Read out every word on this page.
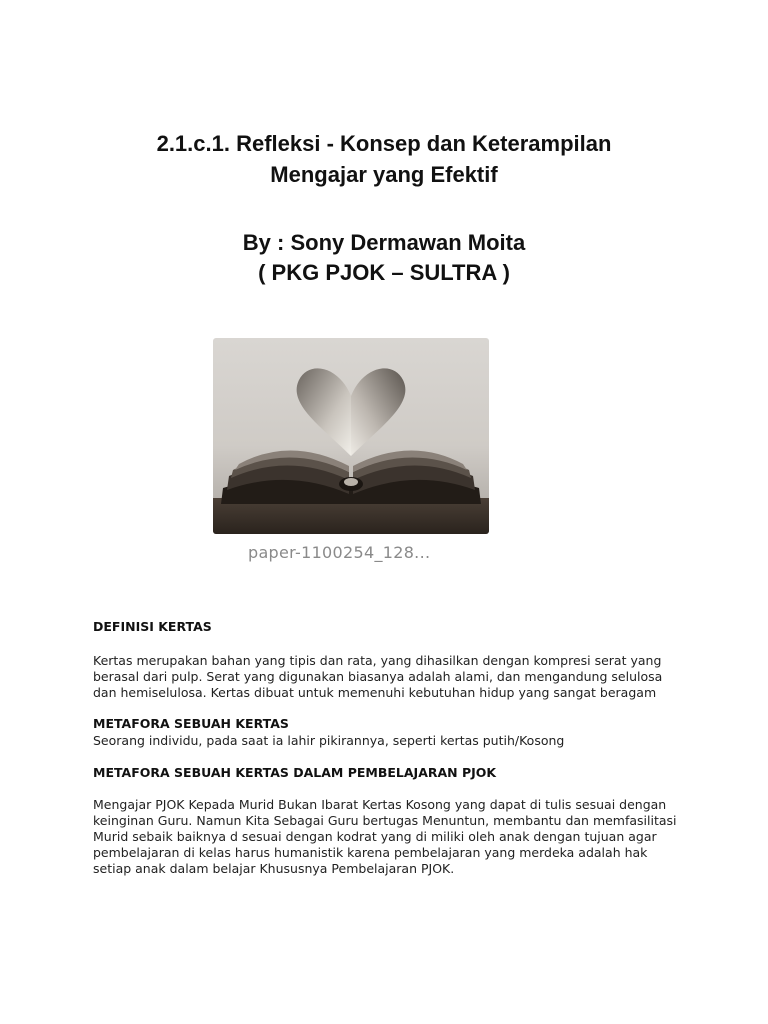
2.1.c.1. Refleksi - Konsep dan Keterampilan
Mengajar yang Efektif
By : Sony Dermawan Moita
( PKG PJOK – SULTRA )
paper-1100254_128...
DEFINISI KERTAS
Kertas merupakan bahan yang tipis dan rata, yang dihasilkan dengan kompresi serat yang
berasal dari pulp. Serat yang digunakan biasanya adalah alami, dan mengandung selulosa
dan hemiselulosa. Kertas dibuat untuk memenuhi kebutuhan hidup yang sangat beragam
METAFORA SEBUAH KERTAS
Seorang individu, pada saat ia lahir pikirannya, seperti kertas putih/Kosong
METAFORA SEBUAH KERTAS DALAM PEMBELAJARAN PJOK
Mengajar PJOK Kepada Murid Bukan Ibarat Kertas Kosong yang dapat di tulis sesuai dengan
keinginan Guru. Namun Kita Sebagai Guru bertugas Menuntun, membantu dan memfasilitasi
Murid sebaik baiknya d sesuai dengan kodrat yang di miliki oleh anak dengan tujuan agar
pembelajaran di kelas harus humanistik karena pembelajaran yang merdeka adalah hak
setiap anak dalam belajar Khususnya Pembelajaran PJOK.
